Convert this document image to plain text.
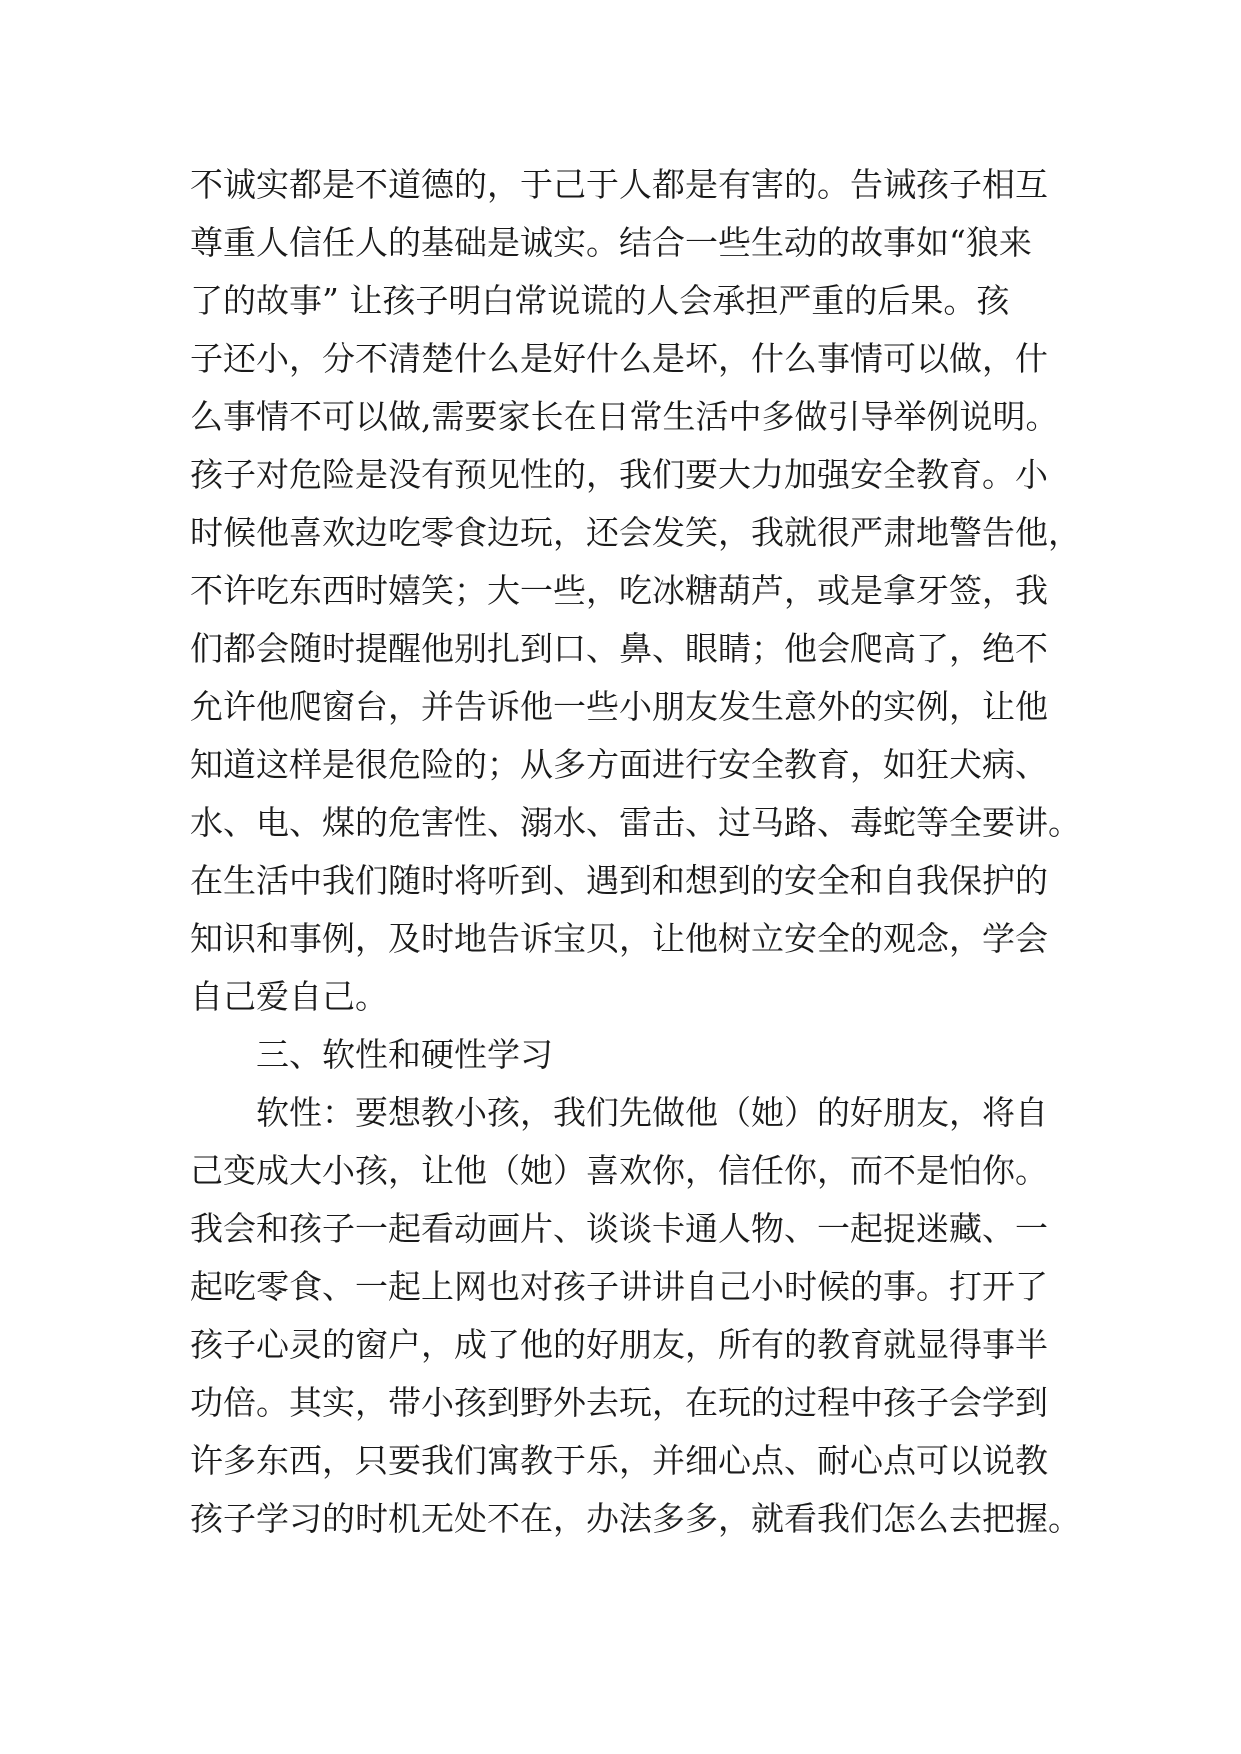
不诚实都是不道德的，于己于人都是有害的。告诫孩子相互
尊重人信任人的基础是诚实。结合一些生动的故事如“狼来
了的故事” 让孩子明白常说谎的人会承担严重的后果。孩
子还小，分不清楚什么是好什么是坏，什么事情可以做，什
么事情不可以做,需要家长在日常生活中多做引导举例说明。
孩子对危险是没有预见性的，我们要大力加强安全教育。小
时候他喜欢边吃零食边玩，还会发笑，我就很严肃地警告他，
不许吃东西时嬉笑；大一些，吃冰糖葫芦，或是拿牙签，我
们都会随时提醒他别扎到口、鼻、眼睛；他会爬高了，绝不
允许他爬窗台，并告诉他一些小朋友发生意外的实例，让他
知道这样是很危险的；从多方面进行安全教育，如狂犬病、
水、电、煤的危害性、溺水、雷击、过马路、毒蛇等全要讲。
在生活中我们随时将听到、遇到和想到的安全和自我保护的
知识和事例，及时地告诉宝贝，让他树立安全的观念，学会
自己爱自己。
三、软性和硬性学习
软性：要想教小孩，我们先做他（她）的好朋友，将自
己变成大小孩，让他（她）喜欢你，信任你，而不是怕你。
我会和孩子一起看动画片、谈谈卡通人物、一起捉迷藏、一
起吃零食、一起上网也对孩子讲讲自己小时候的事。打开了
孩子心灵的窗户，成了他的好朋友，所有的教育就显得事半
功倍。其实，带小孩到野外去玩，在玩的过程中孩子会学到
许多东西，只要我们寓教于乐，并细心点、耐心点可以说教
孩子学习的时机无处不在，办法多多，就看我们怎么去把握。
